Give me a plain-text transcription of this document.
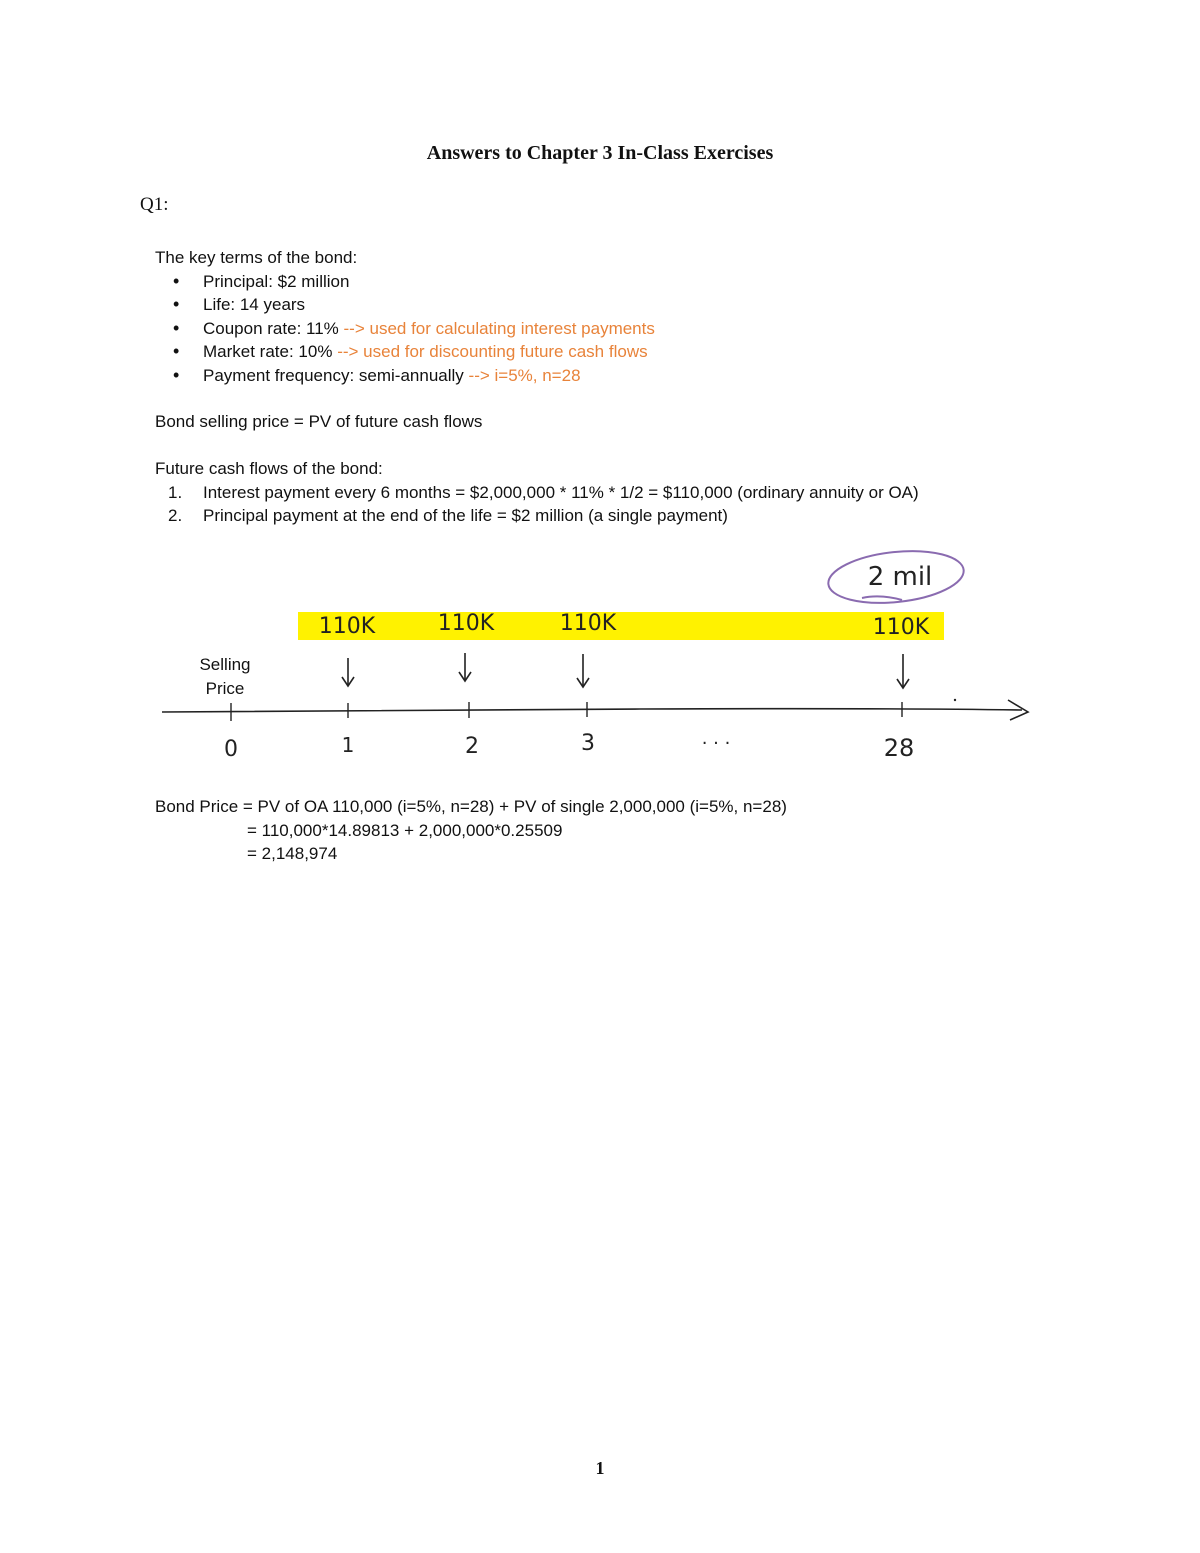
Answers to Chapter 3 In-Class Exercises
Q1:
The key terms of the bond:
• Principal: $2 million
• Life: 14 years
• Coupon rate: 11% --> used for calculating interest payments
• Market rate: 10% --> used for discounting future cash flows
• Payment frequency: semi-annually --> i=5%, n=28
Bond selling price = PV of future cash flows
Future cash flows of the bond:
1. Interest payment every 6 months = $2,000,000 * 11% * 1/2 = $110,000 (ordinary annuity or OA)
2. Principal payment at the end of the life = $2 million (a single payment)
110K	110K	110K	110K
2 mil
0	1	2	3	28
. . .
Selling
Price
Bond Price = PV of OA 110,000 (i=5%, n=28) + PV of single 2,000,000 (i=5%, n=28)
= 110,000*14.89813 + 2,000,000*0.25509
= 2,148,974
1
